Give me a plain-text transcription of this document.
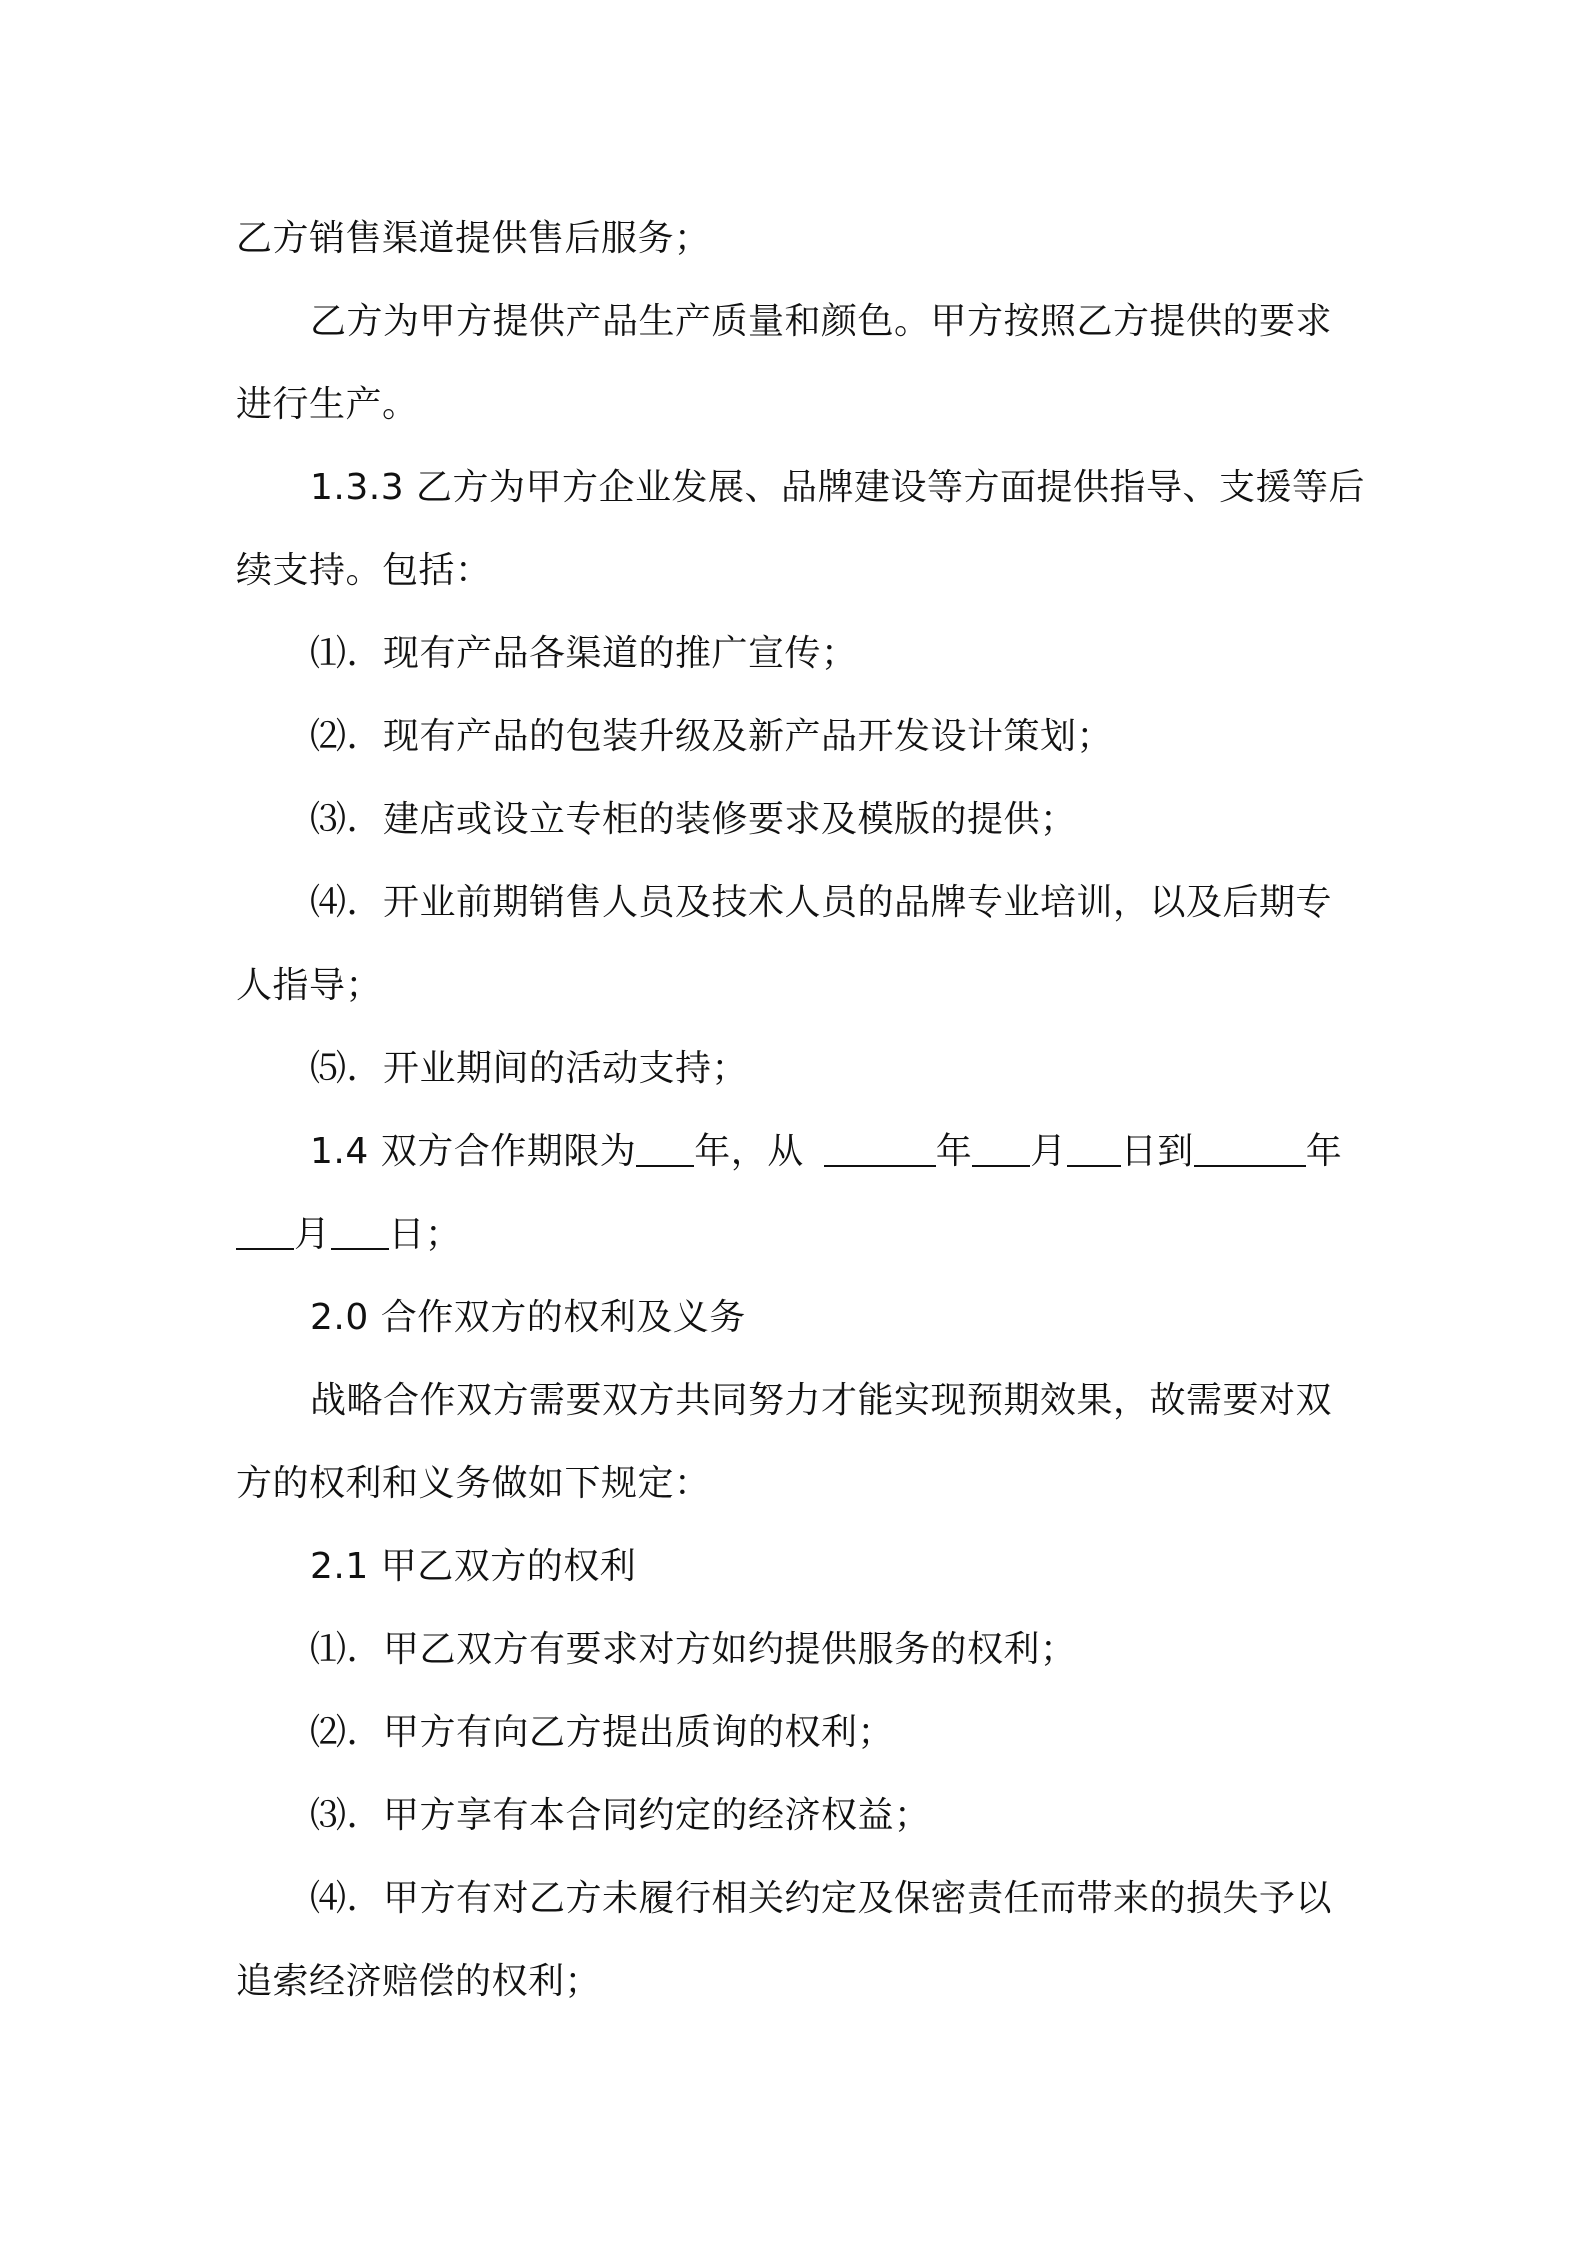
乙方销售渠道提供售后服务；

乙方为甲方提供产品生产质量和颜色。甲方按照乙方提供的要求进行生产。

1.3.3 乙方为甲方企业发展、品牌建设等方面提供指导、支援等后续支持。包括：

⑴．现有产品各渠道的推广宣传；

⑵．现有产品的包装升级及新产品开发设计策划；

⑶．建店或设立专柜的装修要求及模版的提供；

⑷．开业前期销售人员及技术人员的品牌专业培训，以及后期专人指导；

⑸．开业期间的活动支持；

1.4 双方合作期限为 年，从	年 月 日到	年月 日；

2.0 合作双方的权利及义务

战略合作双方需要双方共同努力才能实现预期效果，故需要对双方的权利和义务做如下规定：

2.1 甲乙双方的权利

⑴．甲乙双方有要求对方如约提供服务的权利；

⑵．甲方有向乙方提出质询的权利；

⑶．甲方享有本合同约定的经济权益；

⑷．甲方有对乙方未履行相关约定及保密责任而带来的损失予以追索经济赔偿的权利；
